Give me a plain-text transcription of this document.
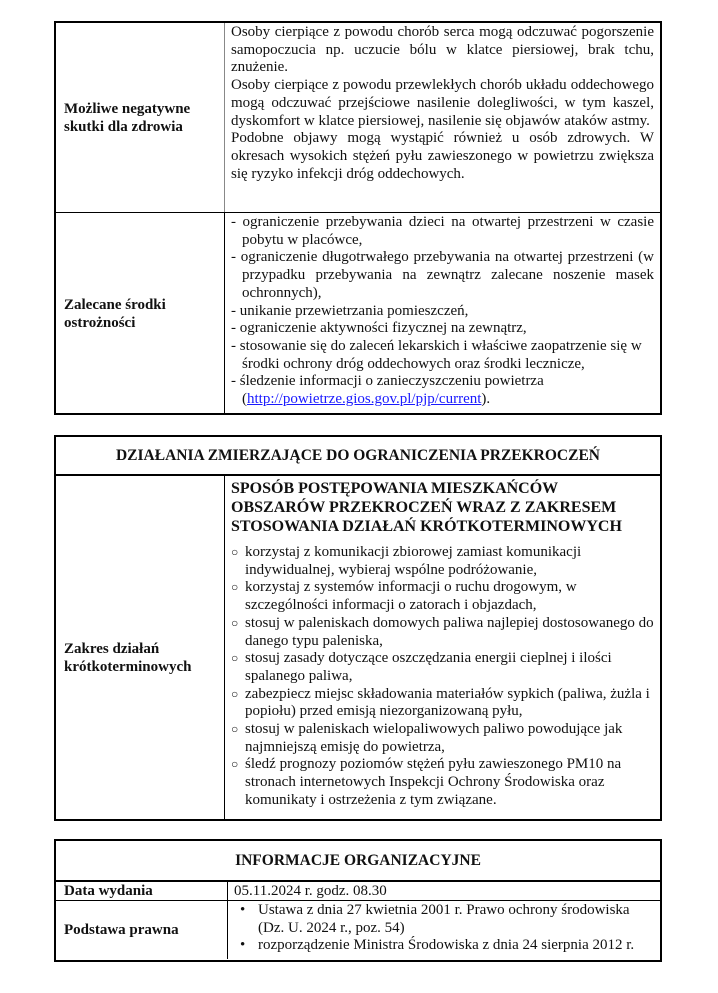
Możliwe negatywne skutki dla zdrowia
Osoby cierpiące z powodu chorób serca mogą odczuwać pogorszenie samopoczucia np. uczucie bólu w klatce piersiowej, brak tchu, znużenie.
Osoby cierpiące z powodu przewlekłych chorób układu oddechowego mogą odczuwać przejściowe nasilenie dolegliwości, w tym kaszel, dyskomfort w klatce piersiowej, nasilenie się objawów ataków astmy.
Podobne objawy mogą wystąpić również u osób zdrowych. W okresach wysokich stężeń pyłu zawieszonego w powietrzu zwiększa się ryzyko infekcji dróg oddechowych.
Zalecane środki ostrożności
- ograniczenie przebywania dzieci na otwartej przestrzeni w czasie pobytu w placówce,
- ograniczenie długotrwałego przebywania na otwartej przestrzeni (w przypadku przebywania na zewnątrz zalecane noszenie masek ochronnych),
- unikanie przewietrzania pomieszczeń,
- ograniczenie aktywności fizycznej na zewnątrz,
- stosowanie się do zaleceń lekarskich i właściwe zaopatrzenie się w środki ochrony dróg oddechowych oraz środki lecznicze,
- śledzenie informacji o zanieczyszczeniu powietrza
(http://powietrze.gios.gov.pl/pjp/current).
DZIAŁANIA ZMIERZAJĄCE DO OGRANICZENIA PRZEKROCZEŃ
Zakres działań krótkoterminowych
SPOSÓB POSTĘPOWANIA MIESZKAŃCÓW OBSZARÓW PRZEKROCZEŃ WRAZ Z ZAKRESEM STOSOWANIA DZIAŁAŃ KRÓTKOTERMINOWYCH
○ korzystaj z komunikacji zbiorowej zamiast komunikacji indywidualnej, wybieraj wspólne podróżowanie,
○ korzystaj z systemów informacji o ruchu drogowym, w szczególności informacji o zatorach i objazdach,
○ stosuj w paleniskach domowych paliwa najlepiej dostosowanego do danego typu paleniska,
○ stosuj zasady dotyczące oszczędzania energii cieplnej i ilości spalanego paliwa,
○ zabezpiecz miejsc składowania materiałów sypkich (paliwa, żużla i popiołu) przed emisją niezorganizowaną pyłu,
○ stosuj w paleniskach wielopaliwowych paliwo powodujące jak najmniejszą emisję do powietrza,
○ śledź prognozy poziomów stężeń pyłu zawieszonego PM10 na stronach internetowych Inspekcji Ochrony Środowiska oraz komunikaty i ostrzeżenia z tym związane.
INFORMACJE ORGANIZACYJNE
Data wydania	05.11.2024 r. godz. 08.30
Podstawa prawna
• Ustawa z dnia 27 kwietnia 2001 r. Prawo ochrony środowiska (Dz. U. 2024 r., poz. 54)
• rozporządzenie Ministra Środowiska z dnia 24 sierpnia 2012 r.
